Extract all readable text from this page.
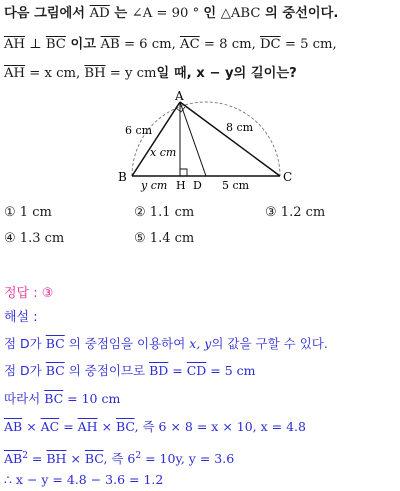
다음 그림에서 $\overline{AD}$ 는 ∠A = 90 ° 인 △ABC 의 중선이다.
$\overline{AH}$ ⊥ $\overline{BC}$ 이고 $\overline{AB} = 6$ cm, $\overline{AC} = 8$ cm, $\overline{DC} = 5$ cm,
$\overline{AH} = x$ cm, $\overline{BH} = y$ cm일 때, x − y의 길이는?
A
B	C
H D
6 cm	8 cm
x cm
y cm	5 cm
① 1 cm	② 1.1 cm	③ 1.2 cm
④ 1.3 cm	⑤ 1.4 cm
정답 : ③
해설 :
점 D가 $\overline{BC}$ 의 중점임을 이용하여 x, y의 값을 구할 수 있다.
점 D가 $\overline{BC}$ 의 중점이므로 $\overline{BD} = \overline{CD} = 5$ cm
따라서 $\overline{BC} = 10$ cm
$\overline{AB} \times \overline{AC} = \overline{AH} \times \overline{BC}$, 즉 6 × 8 = x × 10, x = 4.8
$\overline{AB}^2 = \overline{BH} \times \overline{BC}$, 즉 $6^2 = 10y$, y = 3.6
∴ x − y = 4.8 − 3.6 = 1.2
